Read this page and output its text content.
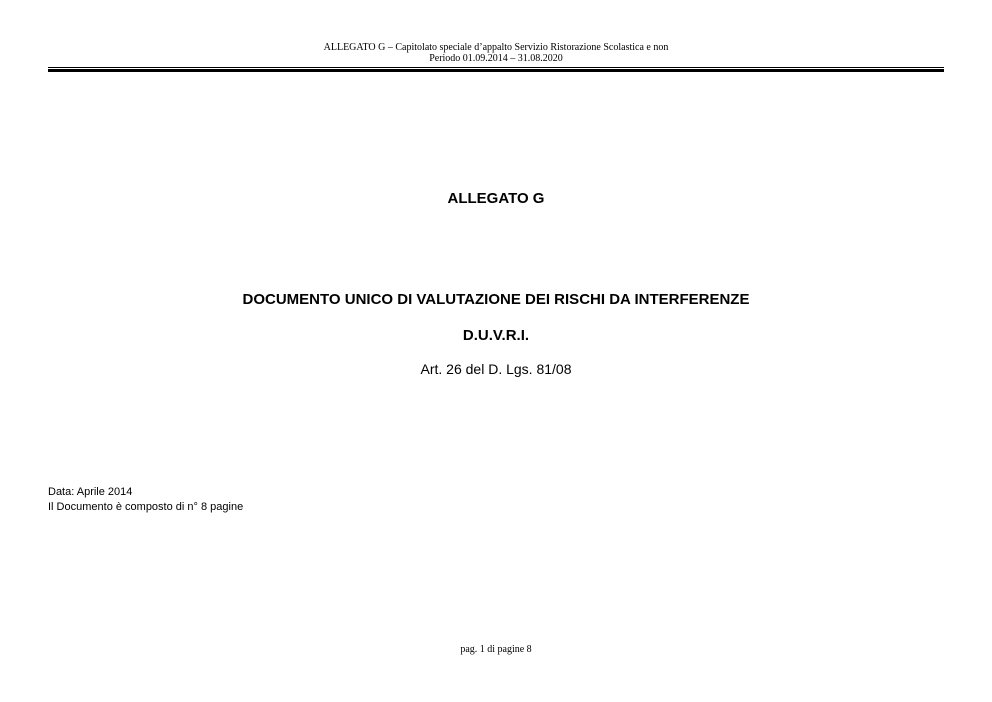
ALLEGATO G – Capitolato speciale d’appalto Servizio Ristorazione Scolastica e non
Periodo 01.09.2014 – 31.08.2020
ALLEGATO G
DOCUMENTO UNICO DI VALUTAZIONE DEI RISCHI DA INTERFERENZE
D.U.V.R.I.
Art. 26 del D. Lgs. 81/08
Data: Aprile 2014
Il Documento è composto di n° 8 pagine
pag. 1 di pagine 8
